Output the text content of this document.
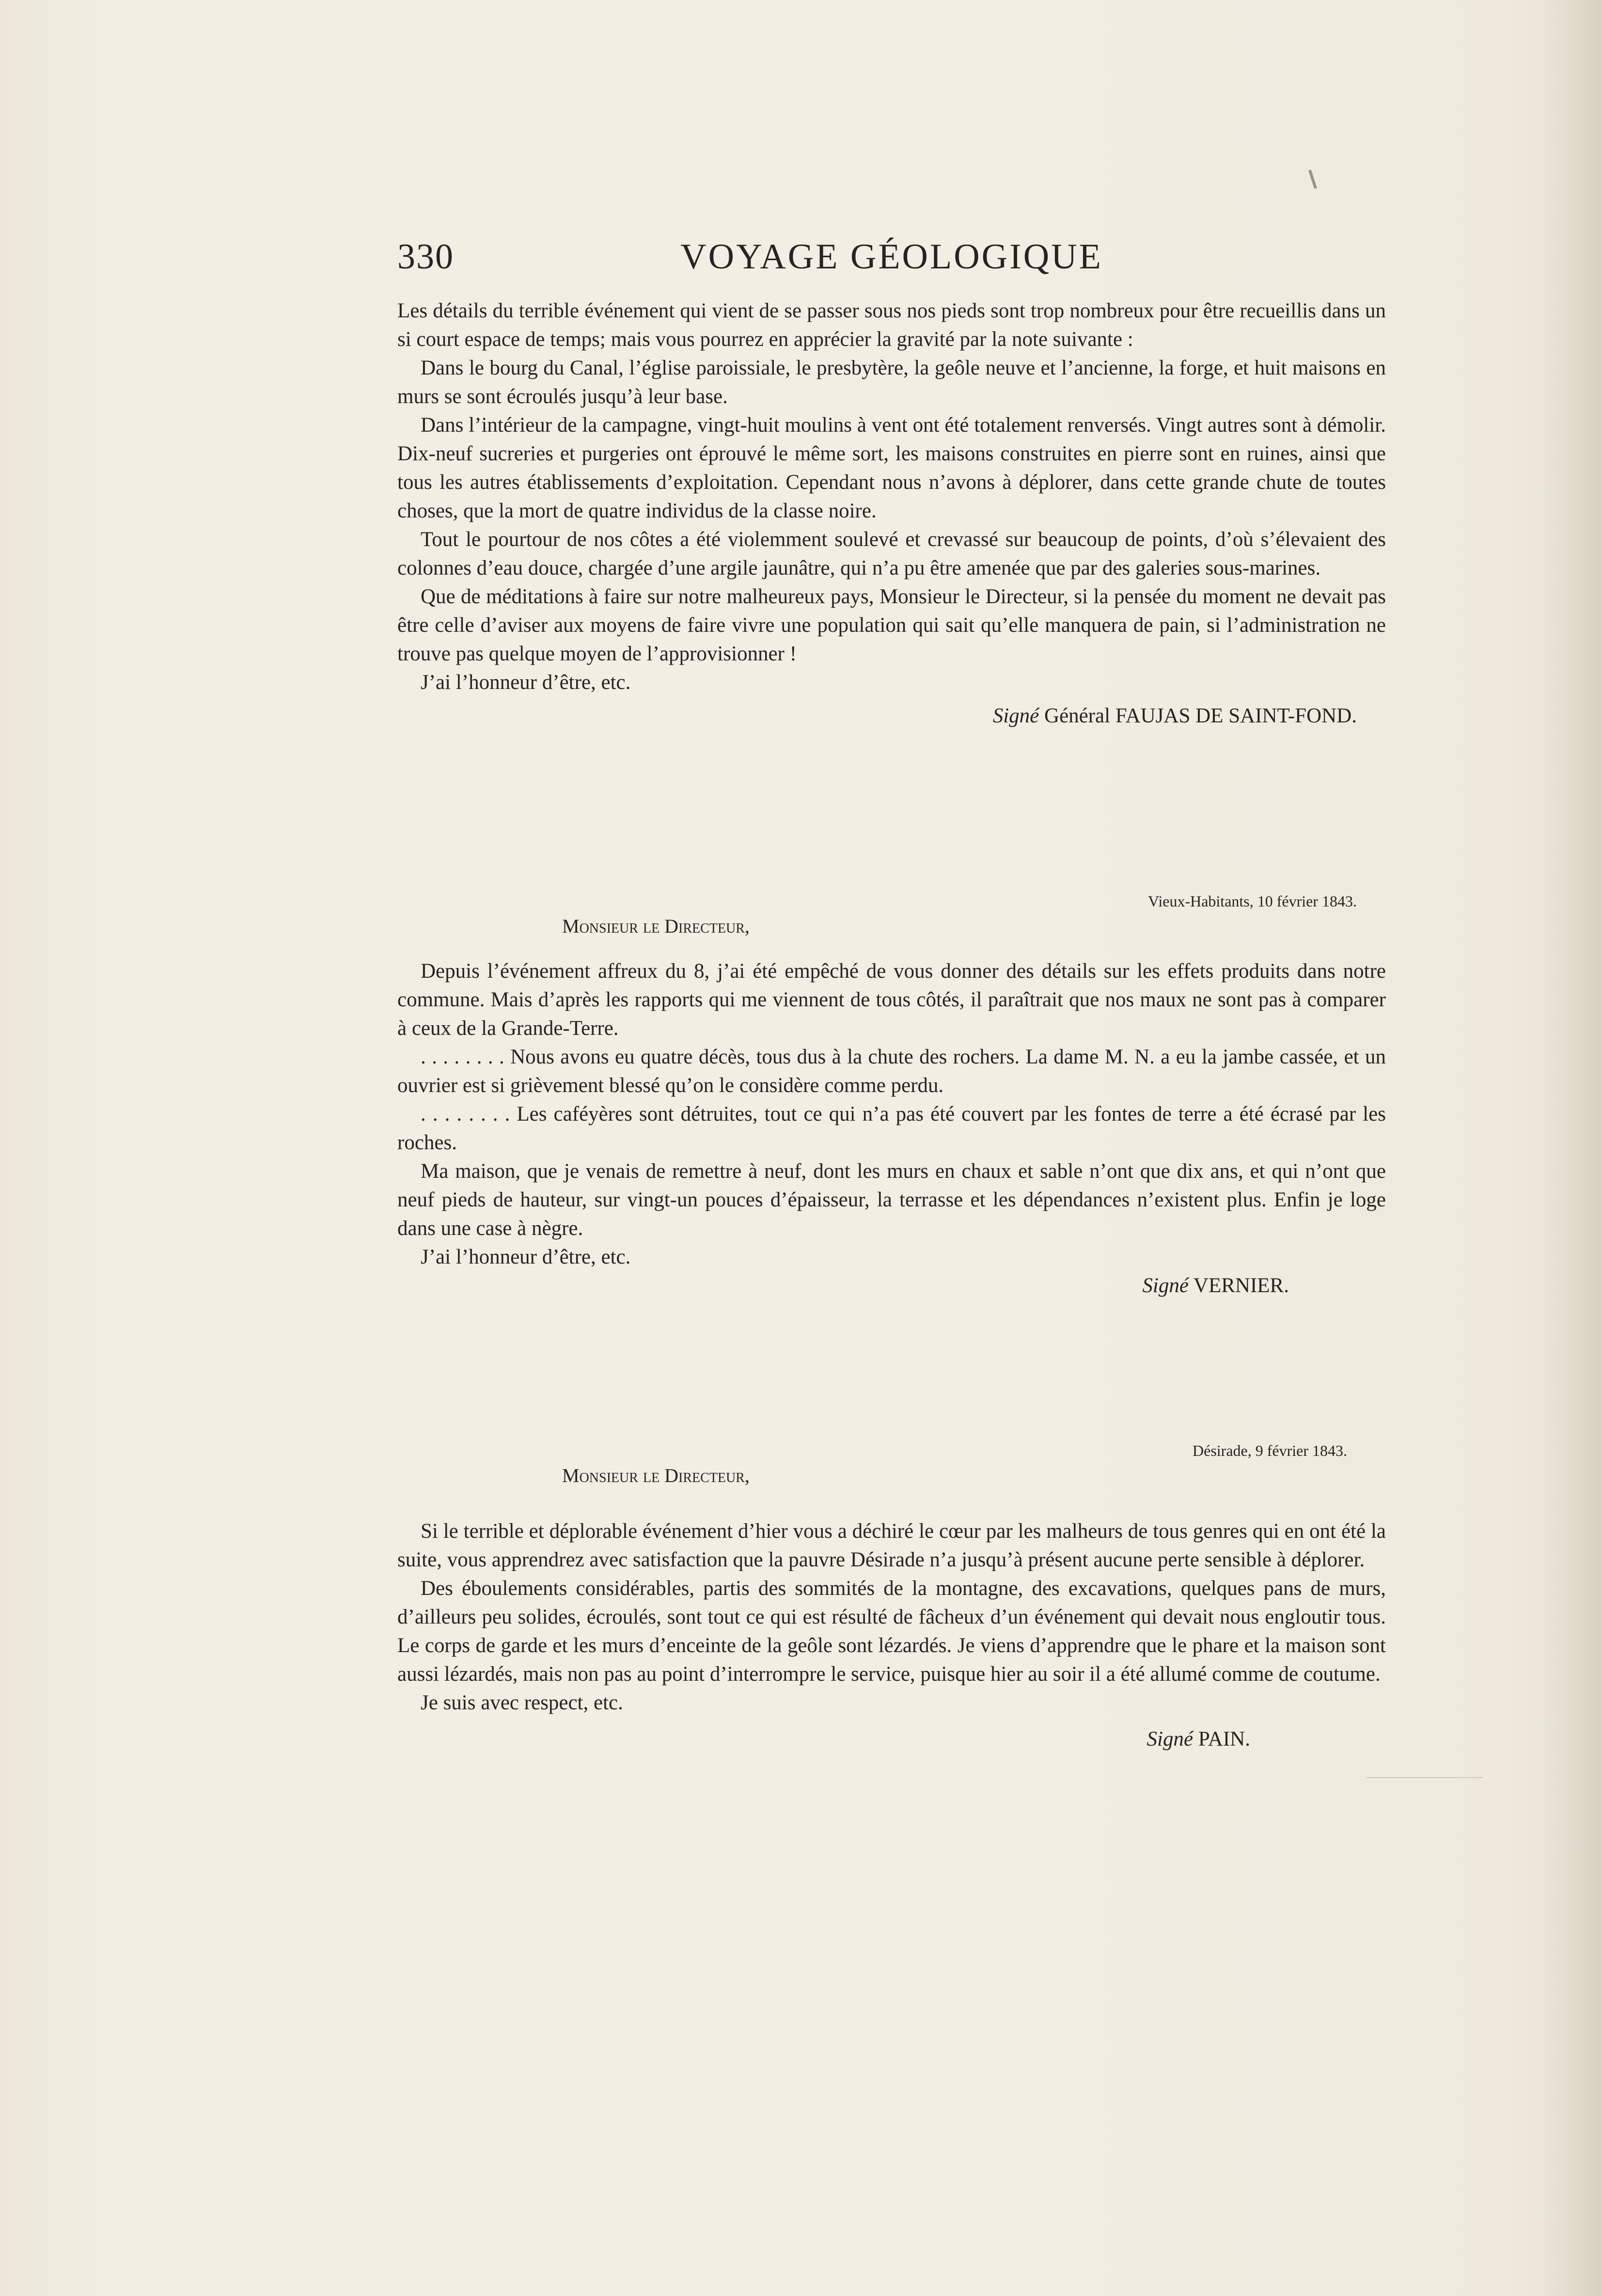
330	VOYAGE GÉOLOGIQUE

Les détails du terrible événement qui vient de se passer sous nos pieds sont trop nombreux pour être recueillis dans un si court espace de temps; mais vous pourrez en apprécier la gravité par la note suivante :

Dans le bourg du Canal, l’église paroissiale, le presbytère, la geôle neuve et l’ancienne, la forge, et huit maisons en murs se sont écroulés jusqu’à leur base.

Dans l’intérieur de la campagne, vingt-huit moulins à vent ont été totalement renversés. Vingt autres sont à démolir. Dix-neuf sucreries et purgeries ont éprouvé le même sort, les maisons construites en pierre sont en ruines, ainsi que tous les autres établissements d’exploitation. Cependant nous n’avons à déplorer, dans cette grande chute de toutes choses, que la mort de quatre individus de la classe noire.

Tout le pourtour de nos côtes a été violemment soulevé et crevassé sur beaucoup de points, d’où s’élevaient des colonnes d’eau douce, chargée d’une argile jaunâtre, qui n’a pu être amenée que par des galeries sous-marines.

Que de méditations à faire sur notre malheureux pays, Monsieur le Directeur, si la pensée du moment ne devait pas être celle d’aviser aux moyens de faire vivre une population qui sait qu’elle manquera de pain, si l’administration ne trouve pas quelque moyen de l’approvisionner !

J’ai l’honneur d’être, etc.

Signé Général FAUJAS DE SAINT-FOND.

Vieux-Habitants, 10 février 1843.

Monsieur le Directeur,

Depuis l’événement affreux du 8, j’ai été empêché de vous donner des détails sur les effets produits dans notre commune. Mais d’après les rapports qui me viennent de tous côtés, il paraîtrait que nos maux ne sont pas à comparer à ceux de la Grande-Terre.

. . . . . . . . Nous avons eu quatre décès, tous dus à la chute des rochers. La dame M. N. a eu la jambe cassée, et un ouvrier est si grièvement blessé qu’on le considère comme perdu.

. . . . . . . . Les caféyères sont détruites, tout ce qui n’a pas été couvert par les fontes de terre a été écrasé par les roches.

Ma maison, que je venais de remettre à neuf, dont les murs en chaux et sable n’ont que dix ans, et qui n’ont que neuf pieds de hauteur, sur vingt-un pouces d’épaisseur, la terrasse et les dépendances n’existent plus. Enfin je loge dans une case à nègre.

J’ai l’honneur d’être, etc.

Signé VERNIER.

Désirade, 9 février 1843.

Monsieur le Directeur,

Si le terrible et déplorable événement d’hier vous a déchiré le cœur par les malheurs de tous genres qui en ont été la suite, vous apprendrez avec satisfaction que la pauvre Désirade n’a jusqu’à présent aucune perte sensible à déplorer.

Des éboulements considérables, partis des sommités de la montagne, des excavations, quelques pans de murs, d’ailleurs peu solides, écroulés, sont tout ce qui est résulté de fâcheux d’un événement qui devait nous engloutir tous. Le corps de garde et les murs d’enceinte de la geôle sont lézardés. Je viens d’apprendre que le phare et la maison sont aussi lézardés, mais non pas au point d’interrompre le service, puisque hier au soir il a été allumé comme de coutume.

Je suis avec respect, etc.

Signé PAIN.
